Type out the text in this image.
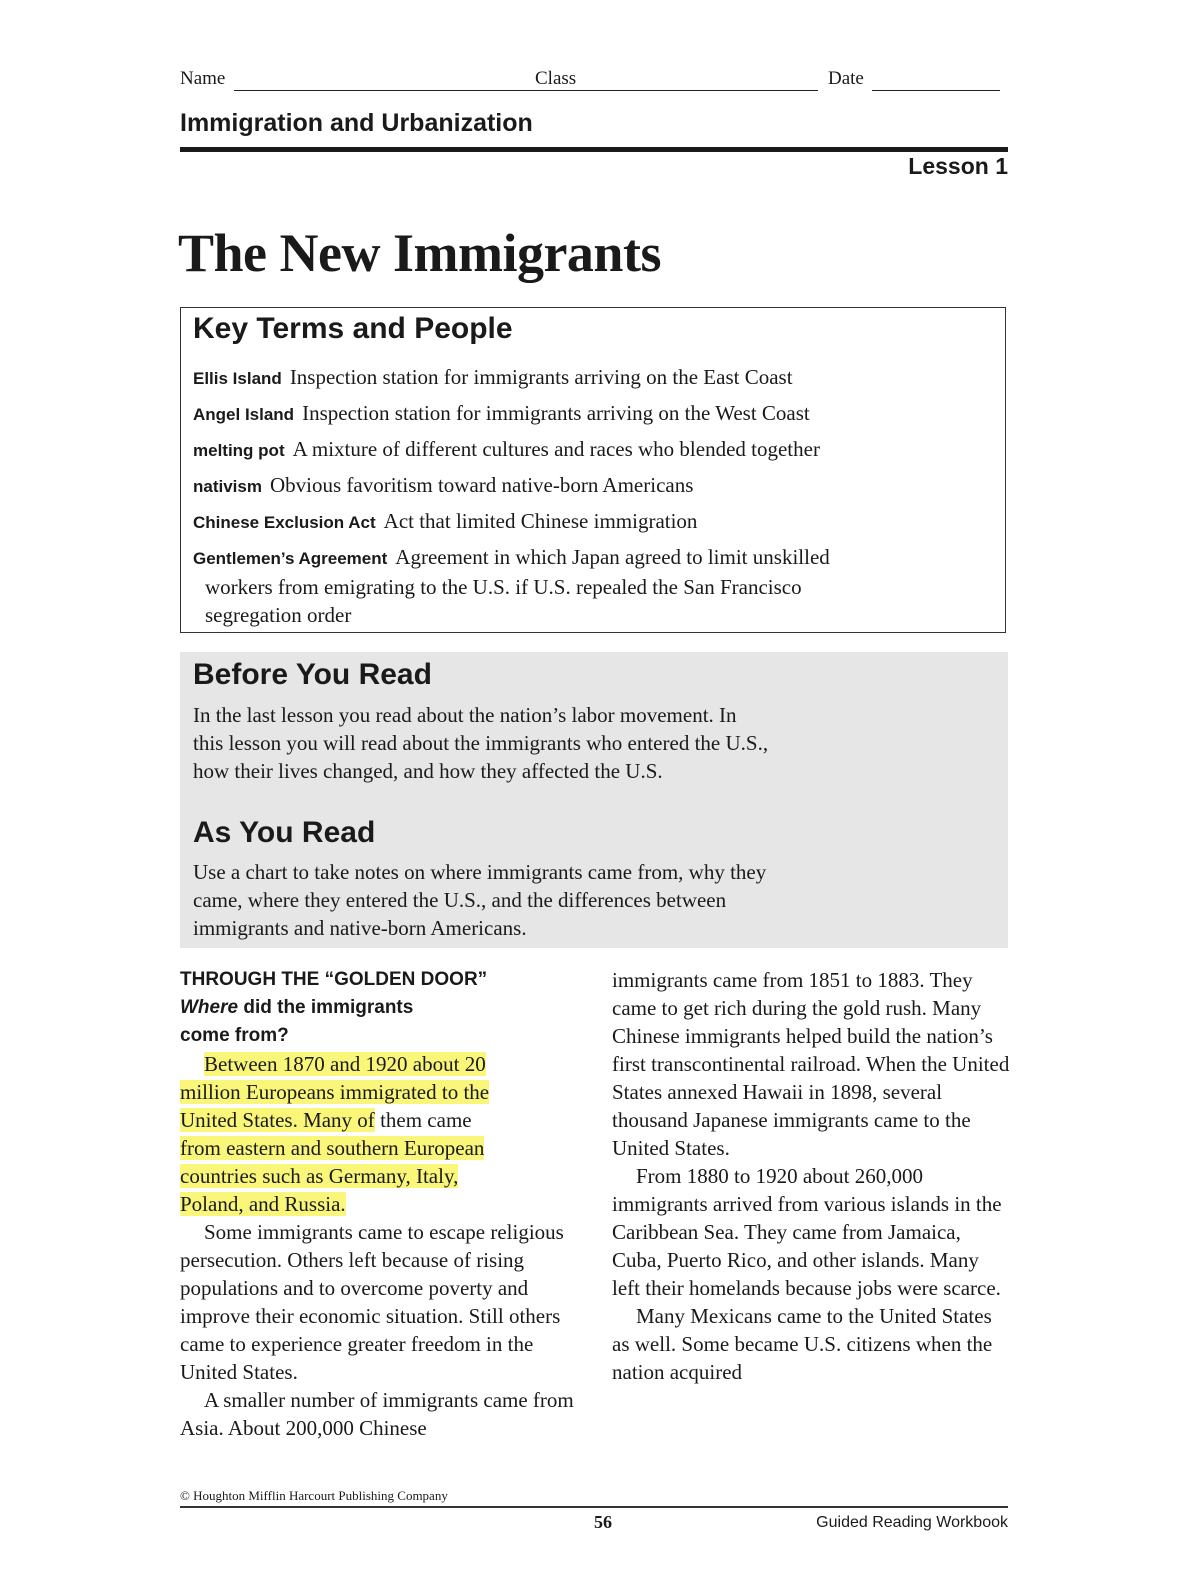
Name	Class	Date
Immigration and Urbanization
Lesson 1
The New Immigrants
Key Terms and People
Ellis Island Inspection station for immigrants arriving on the East Coast
Angel Island Inspection station for immigrants arriving on the West Coast
melting pot A mixture of different cultures and races who blended together
nativism Obvious favoritism toward native-born Americans
Chinese Exclusion Act Act that limited Chinese immigration
Gentlemen’s Agreement Agreement in which Japan agreed to limit unskilled
workers from emigrating to the U.S. if U.S. repealed the San Francisco
segregation order
Before You Read
In the last lesson you read about the nation’s labor movement. In
this lesson you will read about the immigrants who entered the U.S.,
how their lives changed, and how they affected the U.S.
As You Read
Use a chart to take notes on where immigrants came from, why they
came, where they entered the U.S., and the differences between
immigrants and native-born Americans.
THROUGH THE “GOLDEN DOOR”
Where did the immigrants
come from?
Between 1870 and 1920 about 20
million Europeans immigrated to the
United States. Many of them came
from eastern and southern European
countries such as Germany, Italy,
Poland, and Russia.

Some immigrants came to escape religious persecution. Others left because of rising populations and to overcome poverty and improve their economic situation. Still others came to experience greater freedom in the United States.

A smaller number of immigrants came from Asia. About 200,000 Chinese

immigrants came from 1851 to 1883. They came to get rich during the gold rush. Many Chinese immigrants helped build the nation’s first transcontinental railroad. When the United States annexed Hawaii in 1898, several thousand Japanese immigrants came to the United States.

From 1880 to 1920 about 260,000 immigrants arrived from various islands in the Caribbean Sea. They came from Jamaica, Cuba, Puerto Rico, and other islands. Many left their homelands because jobs were scarce.

Many Mexicans came to the United States as well. Some became U.S. citizens when the nation acquired

© Houghton Mifflin Harcourt Publishing Company
56	Guided Reading Workbook
